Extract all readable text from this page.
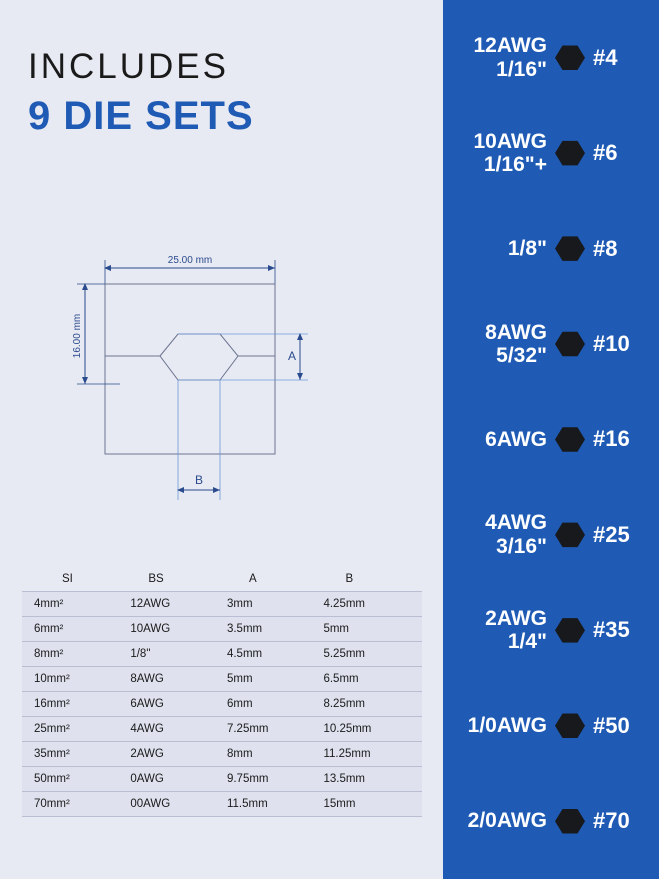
INCLUDES
9 DIE SETS
25.00 mm
16.00 mm	A
B
SI	BS	A	B
4mm²	12AWG	3mm	4.25mm
6mm²	10AWG	3.5mm	5mm
8mm²	1/8"	4.5mm	5.25mm
10mm²	8AWG	5mm	6.5mm
16mm²	6AWG	6mm	8.25mm
25mm²	4AWG	7.25mm	10.25mm
35mm²	2AWG	8mm	11.25mm
50mm²	0AWG	9.75mm	13.5mm
70mm²	00AWG	11.5mm	15mm
12AWG
1/16" #4
10AWG
1/16"+ #6
1/8" #8
8AWG
5/32" #10
6AWG #16
4AWG
3/16" #25
2AWG
1/4" #35
1/0AWG #50
2/0AWG #70
